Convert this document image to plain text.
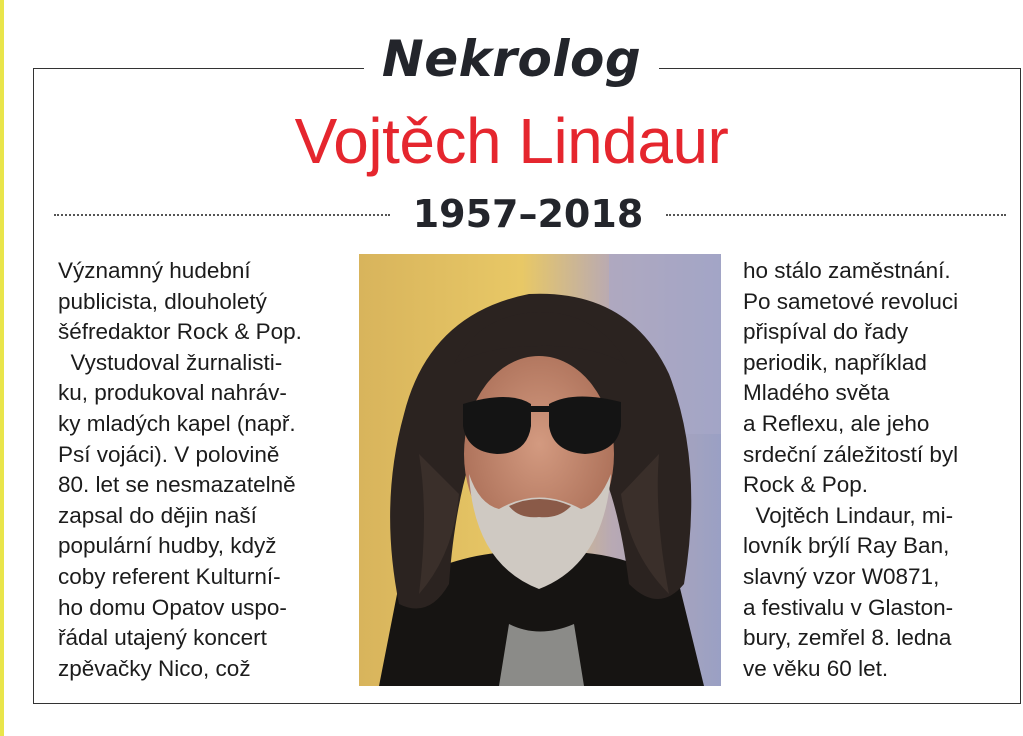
Nekrolog
Vojtěch Lindaur
1957–2018
Významný hudební
publicista, dlouholetý
šéfredaktor Rock & Pop.
Vystudoval žurnalisti-
ku, produkoval nahráv-
ky mladých kapel (např.
Psí vojáci). V polovině
80. let se nesmazatelně
zapsal do dějin naší
populární hudby, když
coby referent Kulturní-
ho domu Opatov uspo-
řádal utajený koncert
zpěvačky Nico, což
ho stálo zaměstnání.
Po sametové revoluci
přispíval do řady
periodik, například
Mladého světa
a Reflexu, ale jeho
srdeční záležitostí byl
Rock & Pop.
Vojtěch Lindaur, mi-
lovník brýlí Ray Ban,
slavný vzor W0871,
a festivalu v Glaston-
bury, zemřel 8. ledna
ve věku 60 let.
